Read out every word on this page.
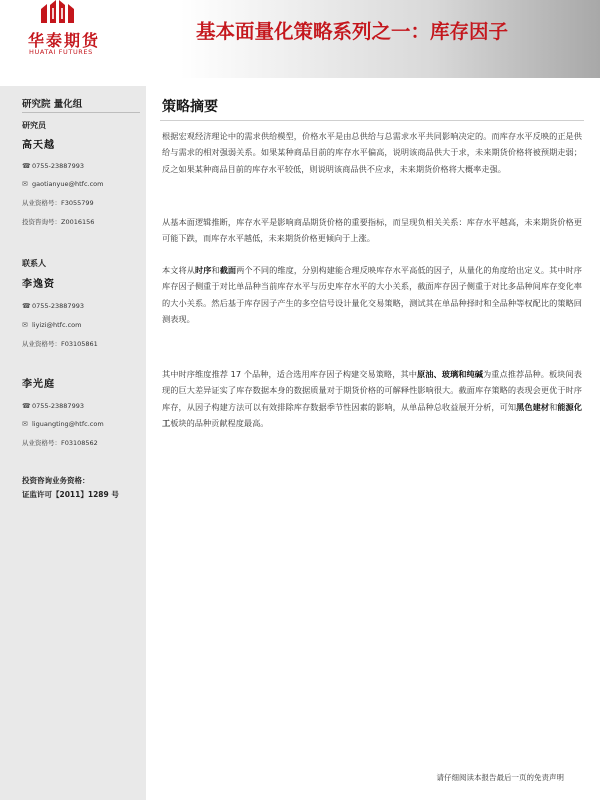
华泰期货
HUATAI FUTURES
基本面量化策略系列之一：库存因子
研究院 量化组
研究员
高天越
☎0755-23887993
✉ gaotianyue@htfc.com
从业资格号：F3055799
投资咨询号：Z0016156
联系人
李逸资
☎0755-23887993
✉ liyizi@htfc.com
从业资格号：F03105861
李光庭
☎0755-23887993
✉ liguangting@htfc.com
从业资格号：F03108562
投资咨询业务资格：
证监许可【2011】1289 号
策略摘要

根据宏观经济理论中的需求供给模型，价格水平是由总供给与总需求水平共同影响决定的。而库存水平反映的正是供给与需求的相对强弱关系。如果某种商品目前的库存水平偏高，说明该商品供大于求，未来期货价格将被预期走弱；反之如果某种商品目前的库存水平较低，则说明该商品供不应求，未来期货价格将大概率走强。

从基本面逻辑推断，库存水平是影响商品期货价格的重要指标，而呈现负相关关系：库存水平越高，未来期货价格更可能下跌，而库存水平越低，未来期货价格更倾向于上涨。

本文将从时序和截面两个不同的维度，分别构建能合理反映库存水平高低的因子，从量化的角度给出定义。其中时序库存因子侧重于对比单品种当前库存水平与历史库存水平的大小关系，截面库存因子侧重于对比多品种间库存变化率的大小关系。然后基于库存因子产生的多空信号设计量化交易策略，测试其在单品种择时和全品种等权配比的策略回测表现。

其中时序维度推荐 17 个品种，适合选用库存因子构建交易策略，其中原油、玻璃和纯碱为重点推荐品种。板块间表现的巨大差异证实了库存数据本身的数据质量对于期货价格的可解释性影响很大。截面库存策略的表现会更优于时序库存，从因子构建方法可以有效排除库存数据季节性因素的影响，从单品种总收益展开分析，可知黑色建材和能源化工板块的品种贡献程度最高。

请仔细阅读本报告最后一页的免责声明
